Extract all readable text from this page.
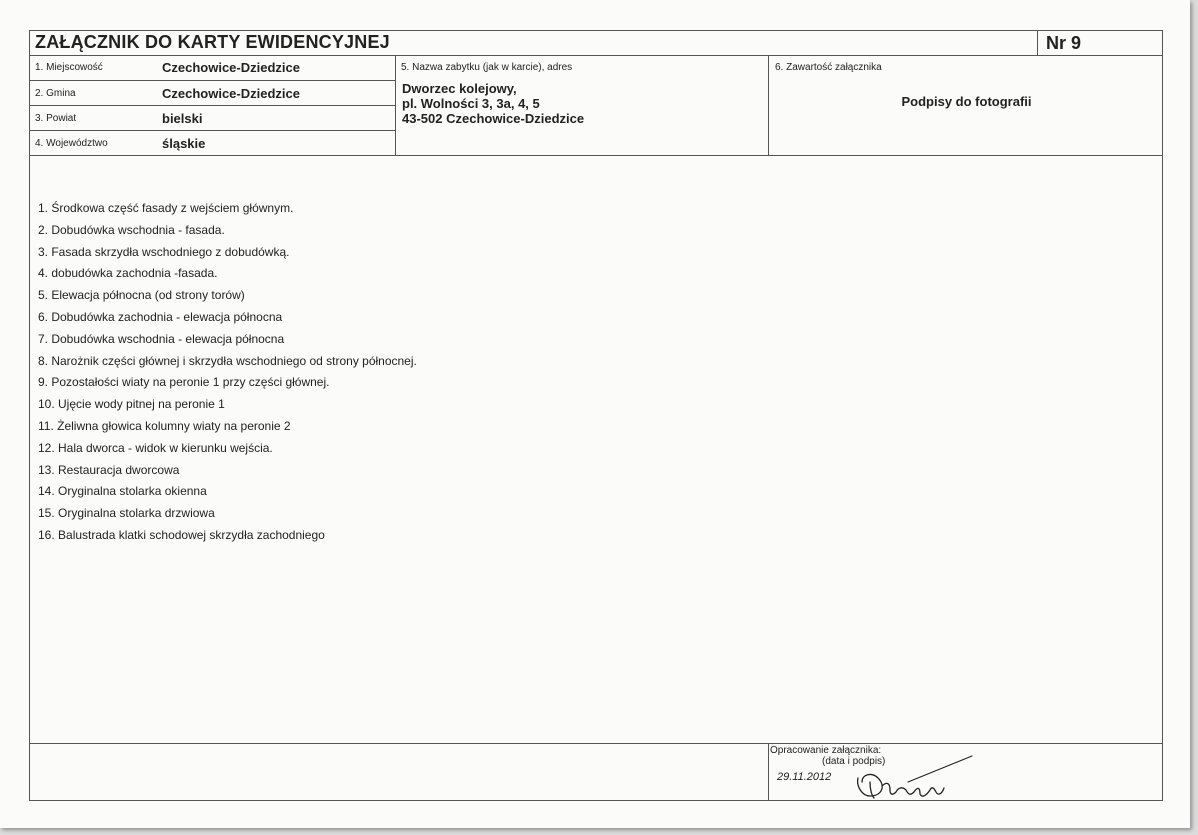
ZAŁĄCZNIK DO KARTY EWIDENCYJNEJ	Nr 9
1. Miejscowość	Czechowice-Dziedzice
2. Gmina	Czechowice-Dziedzice
3. Powiat	bielski
4. Województwo	śląskie
5. Nazwa zabytku (jak w karcie), adres
Dworzec kolejowy,
pl. Wolności 3, 3a, 4, 5
43-502 Czechowice-Dziedzice
6. Zawartość załącznika
Podpisy do fotografii
1. Środkowa część fasady z wejściem głównym.
2. Dobudówka wschodnia - fasada.
3. Fasada skrzydła wschodniego z dobudówką.
4. dobudówka zachodnia -fasada.
5. Elewacja północna (od strony torów)
6. Dobudówka zachodnia - elewacja północna
7. Dobudówka wschodnia - elewacja północna
8. Narożnik części głównej i skrzydła wschodniego od strony północnej.
9. Pozostałości wiaty na peronie 1 przy części głównej.
10. Ujęcie wody pitnej na peronie 1
11. Żeliwna głowica kolumny wiaty na peronie 2
12. Hala dworca - widok w kierunku wejścia.
13. Restauracja dworcowa
14. Oryginalna stolarka okienna
15. Oryginalna stolarka drzwiowa
16. Balustrada klatki schodowej skrzydła zachodniego
Opracowanie załącznika:
(data i podpis)
29.11.2012
